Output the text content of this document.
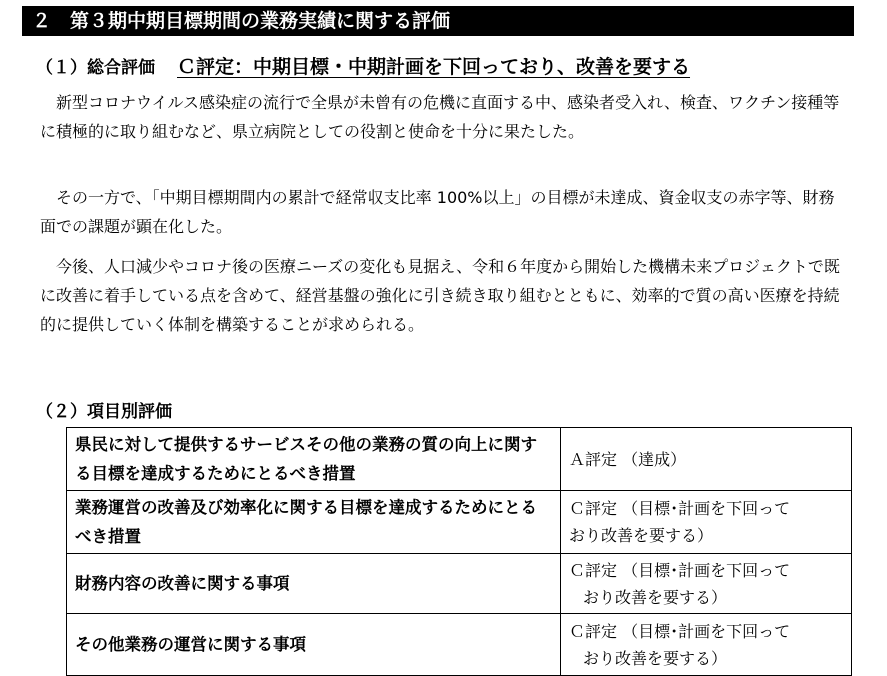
２　第３期中期目標期間の業務実績に関する評価
（１）総合評価 Ｃ評定：中期目標・中期計画を下回っており、改善を要する

新型コロナウイルス感染症の流行で全県が未曾有の危機に直面する中、感染者受入れ、検査、ワクチン接種等に積極的に取り組むなど、県立病院としての役割と使命を十分に果たした。

その一方で、「中期目標期間内の累計で経常収支比率 100%以上」の目標が未達成、資金収支の赤字等、財務面での課題が顕在化した。

今後、人口減少やコロナ後の医療ニーズの変化も見据え、令和６年度から開始した機構未来プロジェクトで既に改善に着手している点を含めて、経営基盤の強化に引き続き取り組むとともに、効率的で質の高い医療を持続的に提供していく体制を構築することが求められる。

（２）項目別評価
県民に対して提供するサービスその他の業務の質の向上に関する目標を達成するためにとるべき措置	Ａ評定 （達成）
業務運営の改善及び効率化に関する目標を達成するためにとるべき措置	Ｃ評定 （目標･計画を下回って
おり改善を要する）
財務内容の改善に関する事項	Ｃ評定 （目標･計画を下回って
おり改善を要する）

その他業務の運営に関する事項	Ｃ評定 （目標･計画を下回って
おり改善を要する）
